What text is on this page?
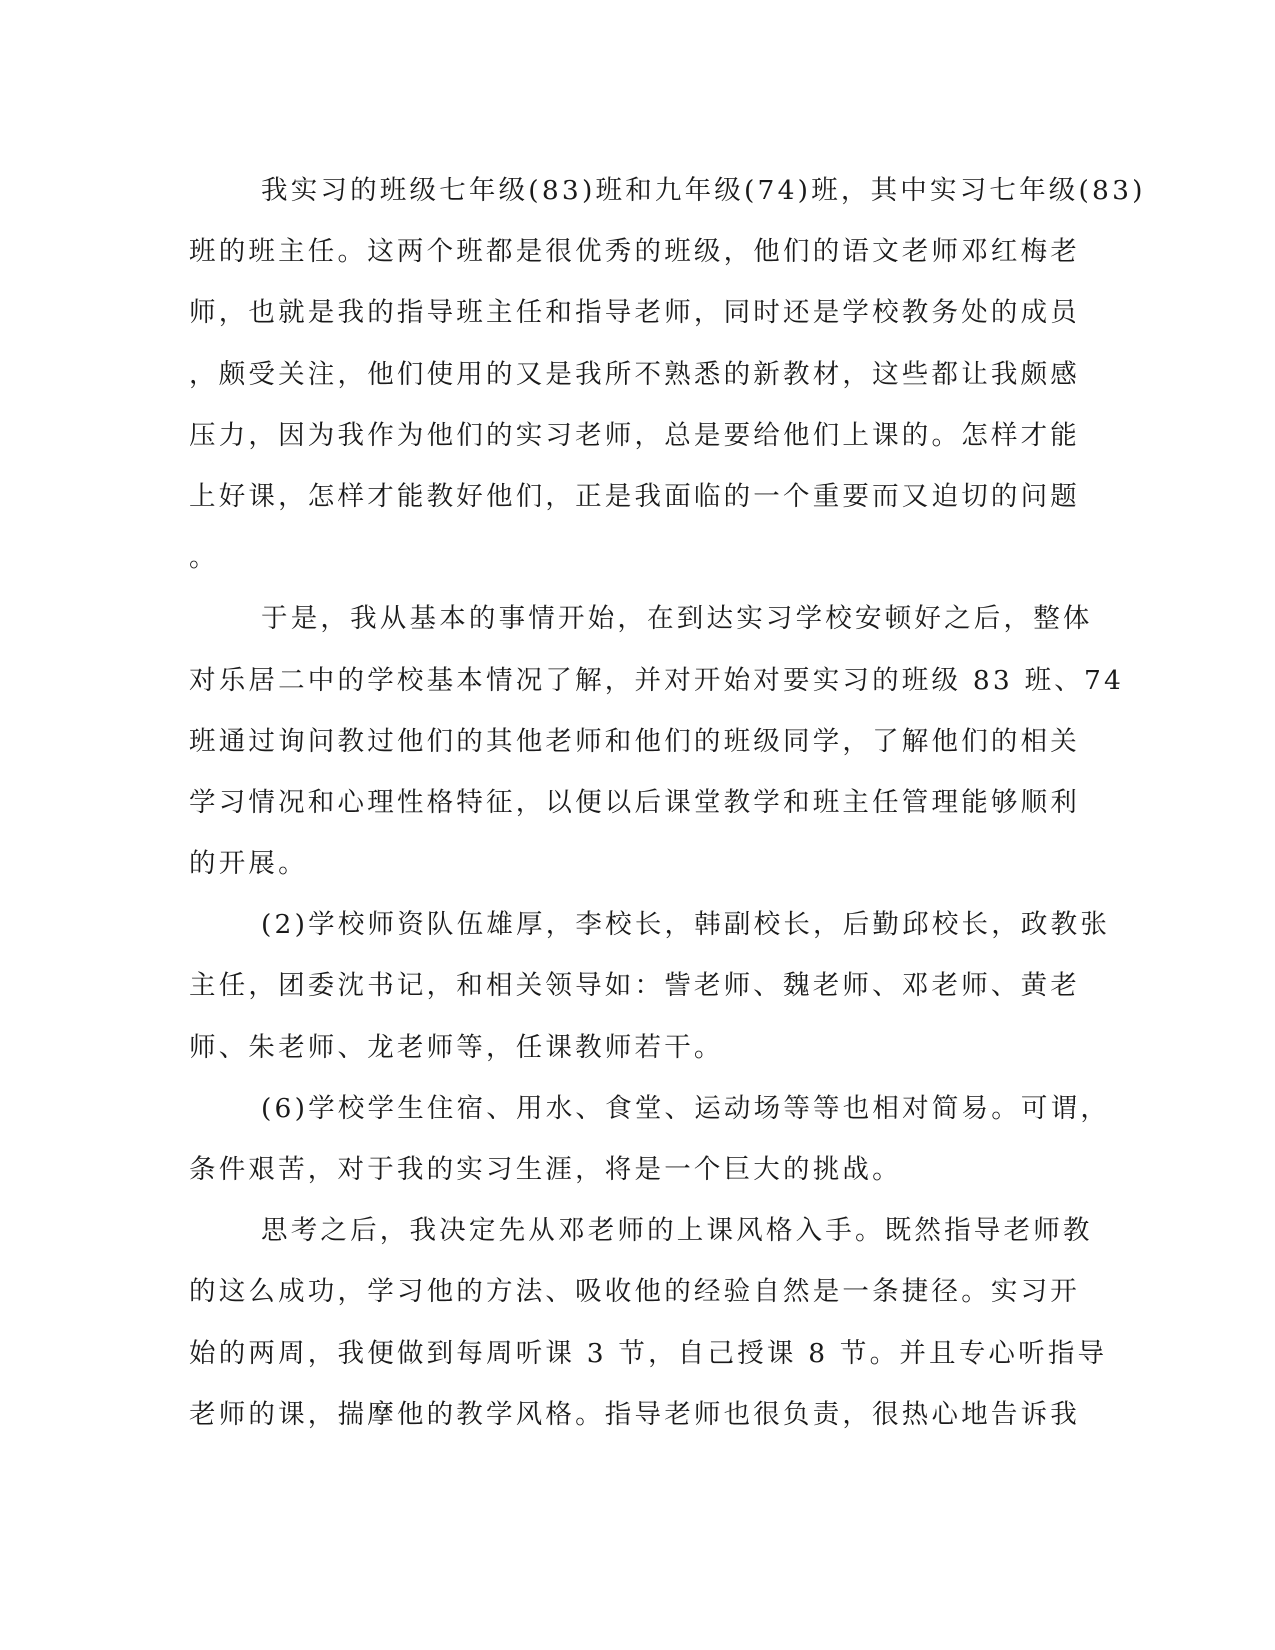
我实习的班级七年级(83)班和九年级(74)班，其中实习七年级(83)
班的班主任。这两个班都是很优秀的班级，他们的语文老师邓红梅老
师，也就是我的指导班主任和指导老师，同时还是学校教务处的成员
，颇受关注，他们使用的又是我所不熟悉的新教材，这些都让我颇感
压力，因为我作为他们的实习老师，总是要给他们上课的。怎样才能
上好课，怎样才能教好他们，正是我面临的一个重要而又迫切的问题
。
于是，我从基本的事情开始，在到达实习学校安顿好之后，整体
对乐居二中的学校基本情况了解，并对开始对要实习的班级 83 班、74
班通过询问教过他们的其他老师和他们的班级同学，了解他们的相关
学习情况和心理性格特征，以便以后课堂教学和班主任管理能够顺利
的开展。
(2)学校师资队伍雄厚，李校长，韩副校长，后勤邱校长，政教张
主任，团委沈书记，和相关领导如：訾老师、魏老师、邓老师、黄老
师、朱老师、龙老师等，任课教师若干。
(6)学校学生住宿、用水、食堂、运动场等等也相对简易。可谓，
条件艰苦，对于我的实习生涯，将是一个巨大的挑战。
思考之后，我决定先从邓老师的上课风格入手。既然指导老师教
的这么成功，学习他的方法、吸收他的经验自然是一条捷径。实习开
始的两周，我便做到每周听课 3 节，自己授课 8 节。并且专心听指导
老师的课，揣摩他的教学风格。指导老师也很负责，很热心地告诉我
